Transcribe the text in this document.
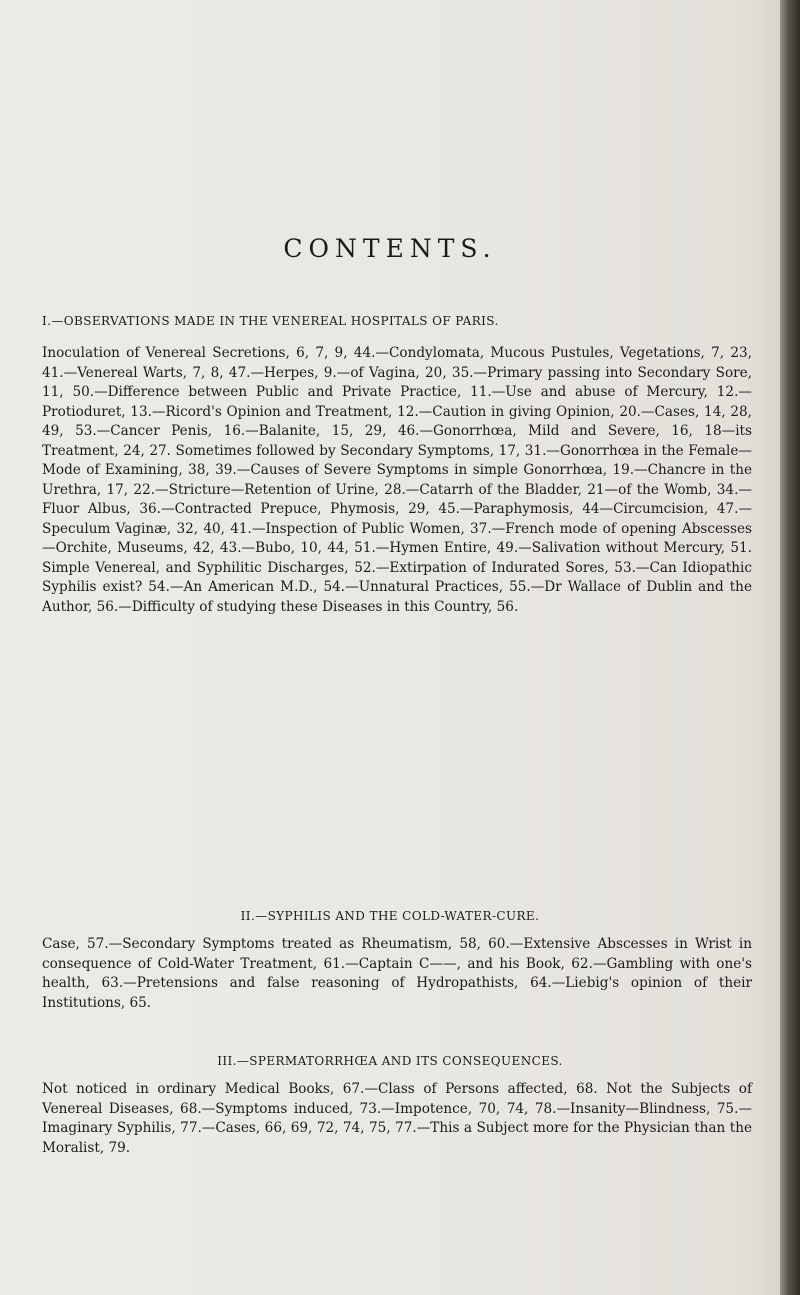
CONTENTS.
I.—OBSERVATIONS MADE IN THE VENEREAL HOSPITALS OF PARIS.
Inoculation of Venereal Secretions, 6, 7, 9, 44.—Condylomata, Mucous Pustules, Vegetations, 7, 23, 41.—Venereal Warts, 7, 8, 47.—Herpes, 9.—of Vagina, 20, 35.—Primary passing into Secondary Sore, 11, 50.—Difference between Public and Private Practice, 11.—Use and abuse of Mercury, 12.—Protioduret, 13.—Ricord's Opinion and Treatment, 12.—Caution in giving Opinion, 20.—Cases, 14, 28, 49, 53.—Cancer Penis, 16.—Balanite, 15, 29, 46.—Gonorrhœa, Mild and Severe, 16, 18—its Treatment, 24, 27. Sometimes followed by Secondary Symptoms, 17, 31.—Gonorrhœa in the Female—Mode of Examining, 38, 39.—Causes of Severe Symptoms in simple Gonorrhœa, 19.—Chancre in the Urethra, 17, 22.—Stricture—Retention of Urine, 28.—Catarrh of the Bladder, 21—of the Womb, 34.—Fluor Albus, 36.—Contracted Prepuce, Phymosis, 29, 45.—Paraphymosis, 44—Circumcision, 47.—Speculum Vaginæ, 32, 40, 41.—Inspection of Public Women, 37.—French mode of opening Abscesses—Orchite, Museums, 42, 43.—Bubo, 10, 44, 51.—Hymen Entire, 49.—Salivation without Mercury, 51. Simple Venereal, and Syphilitic Discharges, 52.—Extirpation of Indurated Sores, 53.—Can Idiopathic Syphilis exist? 54.—An American M.D., 54.—Unnatural Practices, 55.—Dr Wallace of Dublin and the Author, 56.—Difficulty of studying these Diseases in this Country, 56.
II.—SYPHILIS AND THE COLD-WATER-CURE.
Case, 57.—Secondary Symptoms treated as Rheumatism, 58, 60.—Extensive Abscesses in Wrist in consequence of Cold-Water Treatment, 61.—Captain C——, and his Book, 62.—Gambling with one's health, 63.—Pretensions and false reasoning of Hydropathists, 64.—Liebig's opinion of their Institutions, 65.
III.—SPERMATORRHŒA AND ITS CONSEQUENCES.
Not noticed in ordinary Medical Books, 67.—Class of Persons affected, 68. Not the Subjects of Venereal Diseases, 68.—Symptoms induced, 73.—Impotence, 70, 74, 78.—Insanity—Blindness, 75.—Imaginary Syphilis, 77.—Cases, 66, 69, 72, 74, 75, 77.—This a Subject more for the Physician than the Moralist, 79.
